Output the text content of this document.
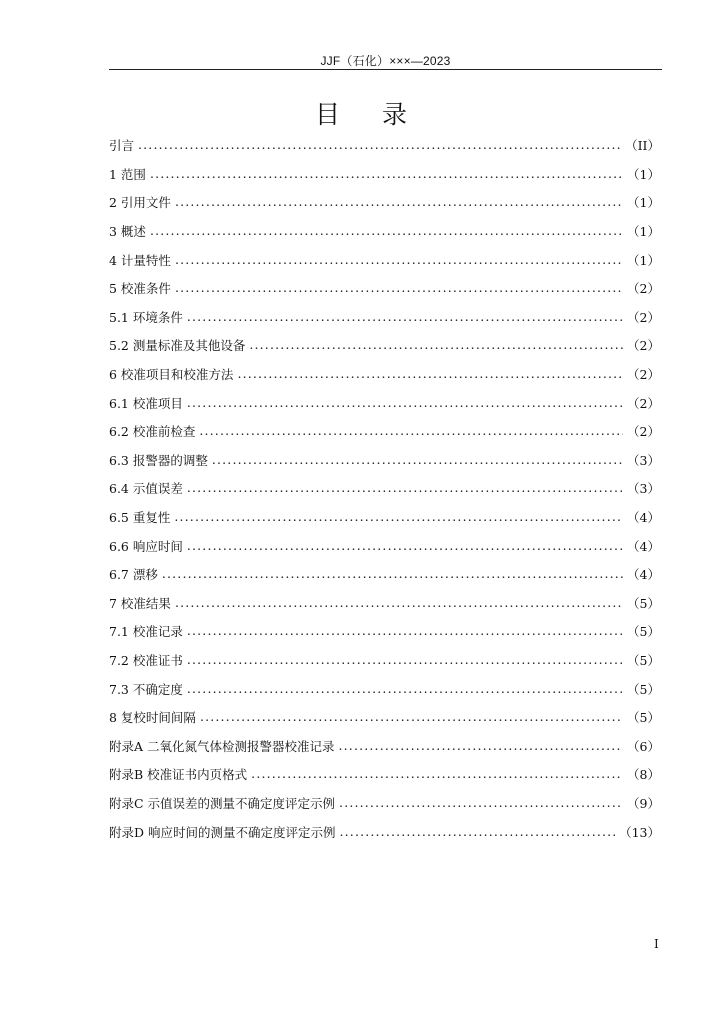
JJF（石化）×××—2023
目 录
引言 . . .	（II）
1 范围 . . .	（1）
2 引用文件 . . .	（1）
3 概述 . . .	（1）
4 计量特性 . . .	（1）
5 校准条件 . . .	（2）
5.1 环境条件 . . .	（2）
5.2 测量标准及其他设备 . . .	（2）
6 校准项目和校准方法 . . .	（2）
6.1 校准项目 . . .	（2）
6.2 校准前检查 . . .	（2）
6.3 报警器的调整 . . .	（3）
6.4 示值误差 . . .	（3）
6.5 重复性 . . .	（4）
6.6 响应时间 . . .	（4）
6.7 漂移 . . .	（4）
7 校准结果 . . .	（5）
7.1 校准记录 . . .	（5）
7.2 校准证书 . . .	（5）
7.3 不确定度 . . .	（5）
8 复校时间间隔 . . .	（5）
附录A 二氧化氮气体检测报警器校准记录 . . .	（6）
附录B 校准证书内页格式 . . .	（8）
附录C 示值误差的测量不确定度评定示例 . . .	（9）
附录D 响应时间的测量不确定度评定示例 . . .	（13）
I
